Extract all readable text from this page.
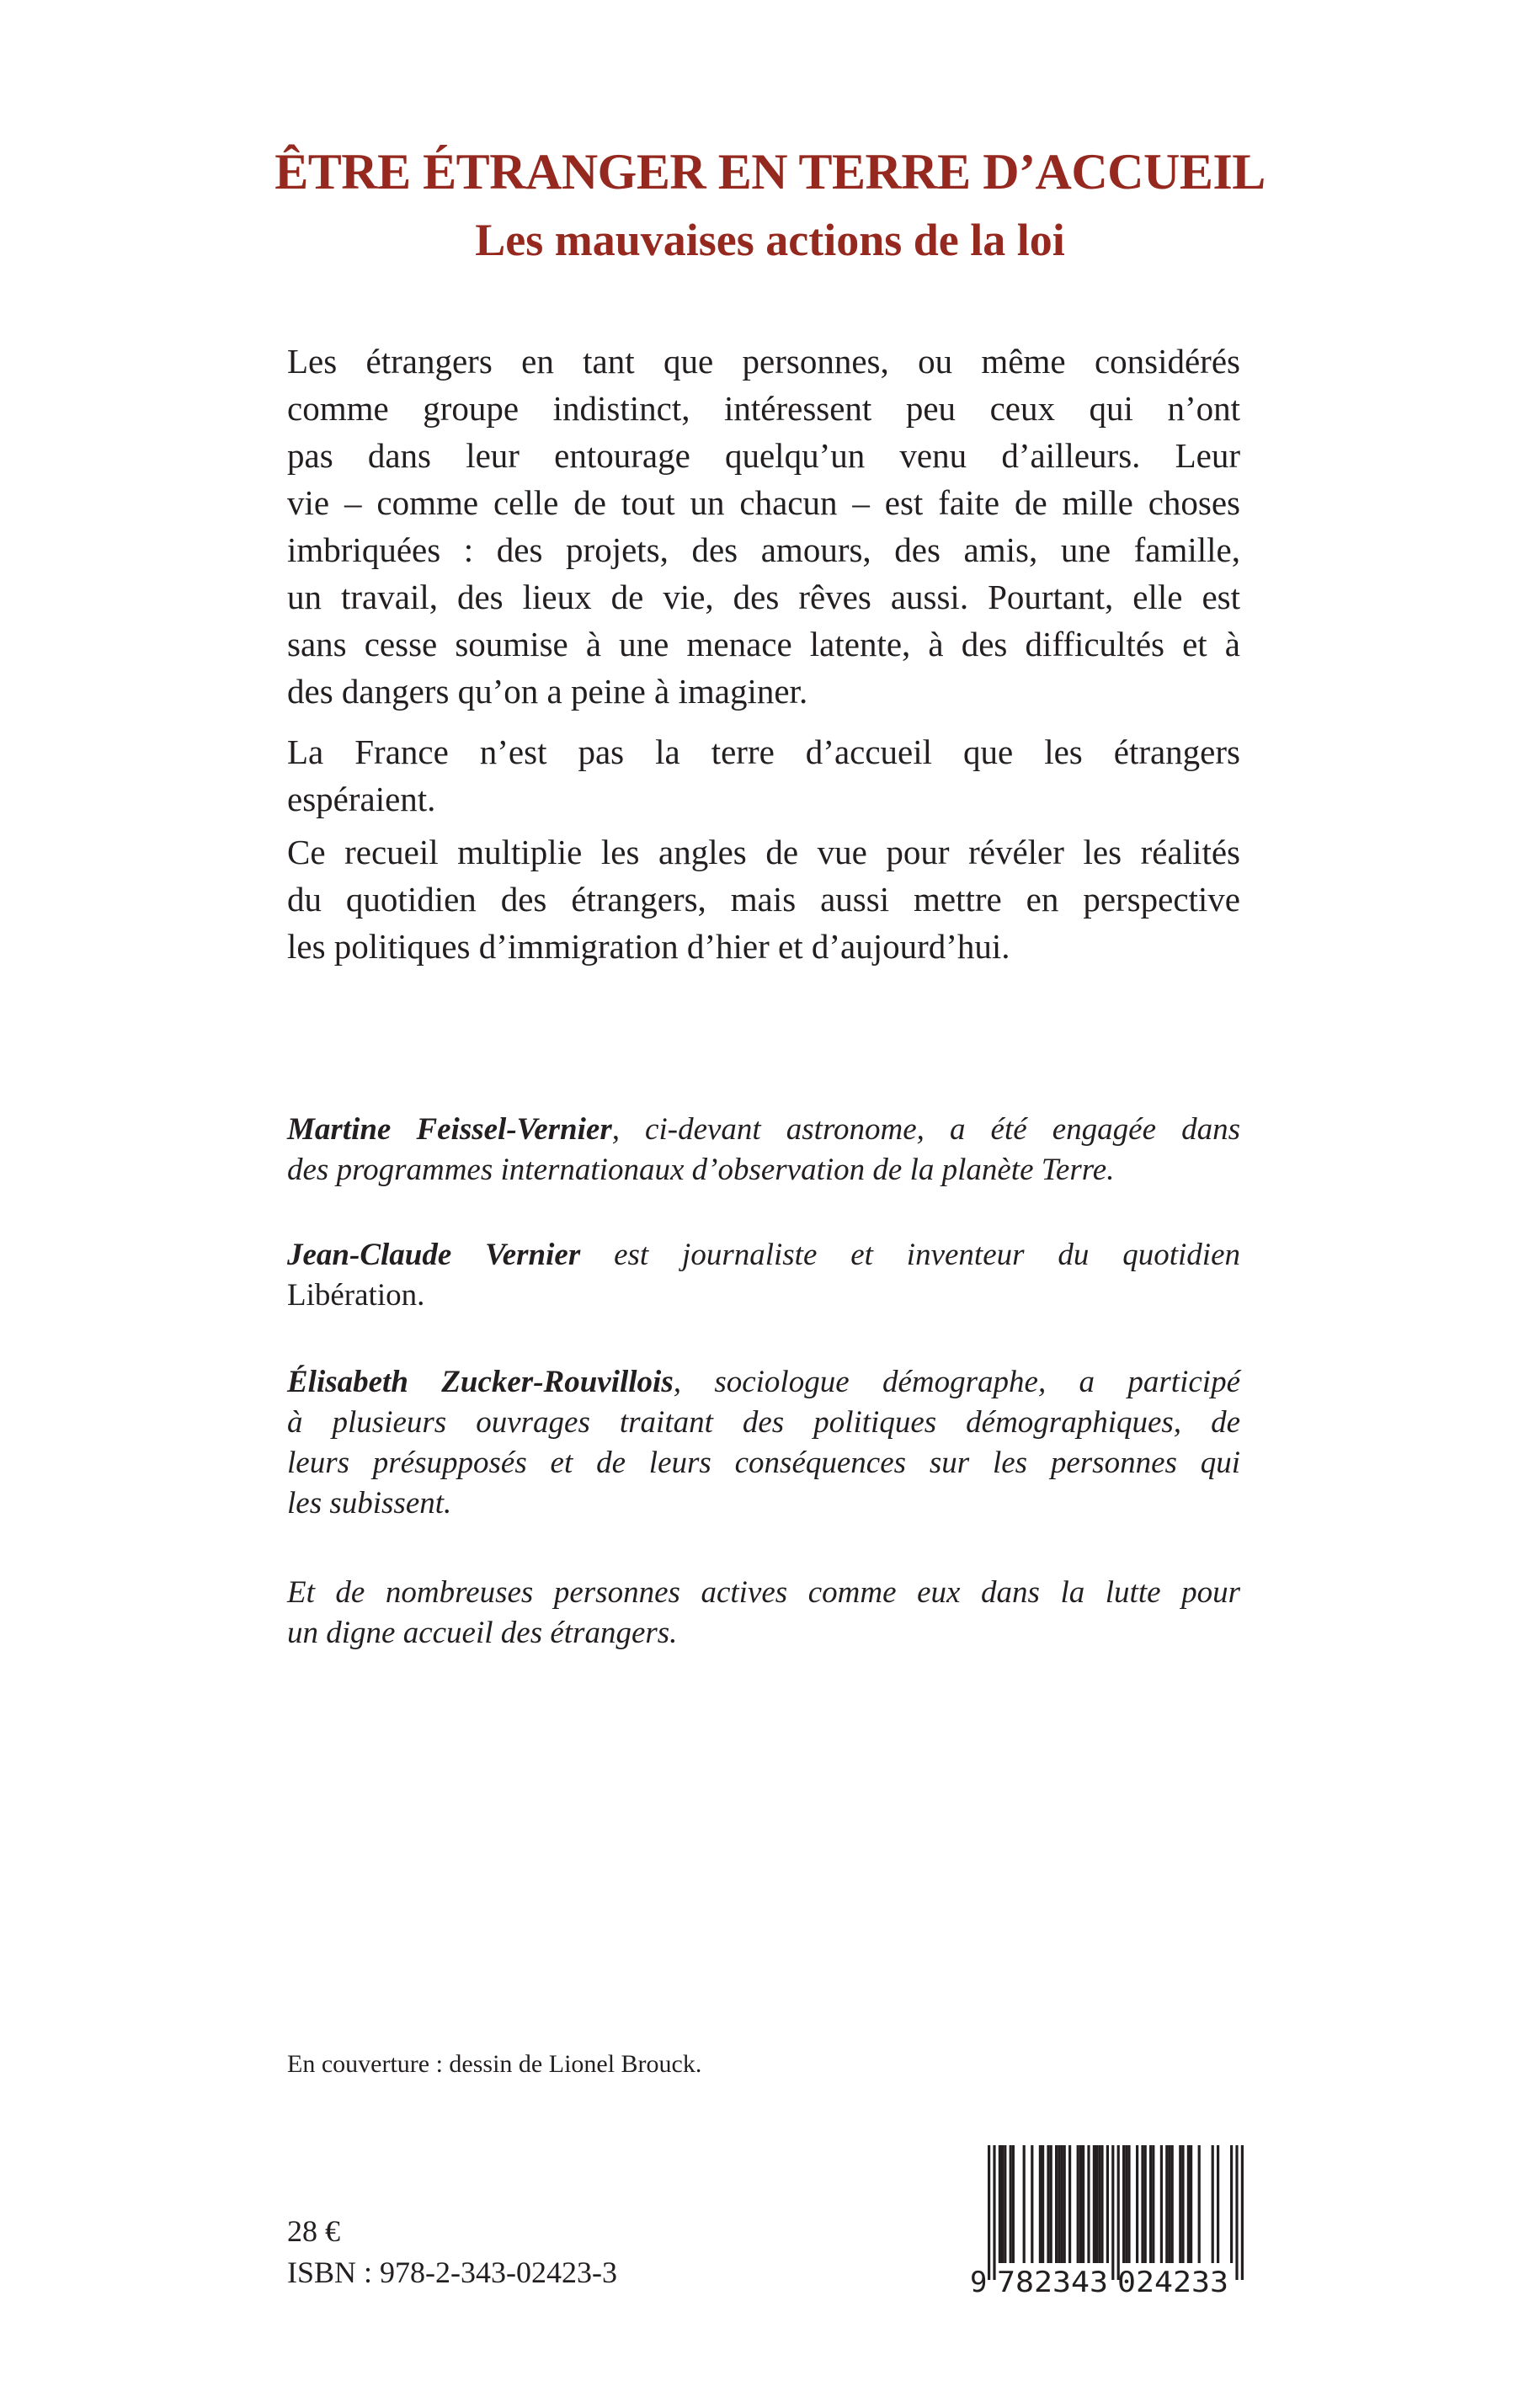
ÊTRE ÉTRANGER EN TERRE D’ACCUEIL
Les mauvaises actions de la loi
Les étrangers en tant que personnes, ou même considérés
comme groupe indistinct, intéressent peu ceux qui n’ont
pas dans leur entourage quelqu’un venu d’ailleurs. Leur
vie – comme celle de tout un chacun – est faite de mille choses
imbriquées : des projets, des amours, des amis, une famille,
un travail, des lieux de vie, des rêves aussi. Pourtant, elle est
sans cesse soumise à une menace latente, à des difficultés et à
des dangers qu’on a peine à imaginer.
La France n’est pas la terre d’accueil que les étrangers
espéraient.
Ce recueil multiplie les angles de vue pour révéler les réalités
du quotidien des étrangers, mais aussi mettre en perspective
les politiques d’immigration d’hier et d’aujourd’hui.
Martine Feissel-Vernier, ci-devant astronome, a été engagée dans
des programmes internationaux d’observation de la planète Terre.
Jean-Claude Vernier est journaliste et inventeur du quotidien
Libération.
Élisabeth Zucker-Rouvillois, sociologue démographe, a participé
à plusieurs ouvrages traitant des politiques démographiques, de
leurs présupposés et de leurs conséquences sur les personnes qui
les subissent.
Et de nombreuses personnes actives comme eux dans la lutte pour
un digne accueil des étrangers.
En couverture : dessin de Lionel Brouck.
28 €
ISBN : 978-2-343-02423-3	9 782343 024233
